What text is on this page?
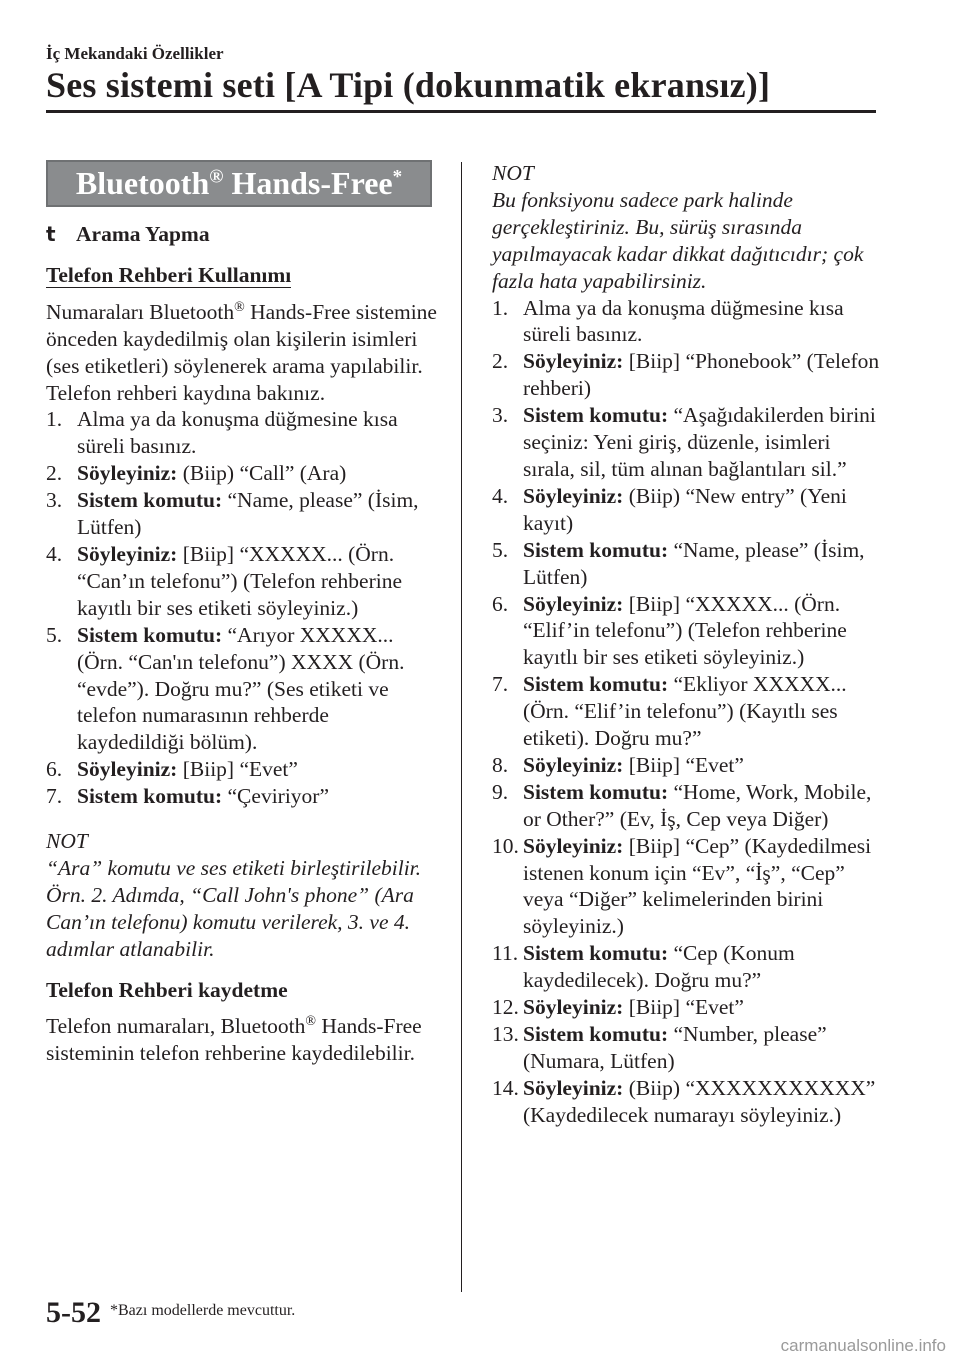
İç Mekandaki Özellikler
Ses sistemi seti [A Tipi (dokunmatik ekransız)]
Bluetooth® Hands-Free*
t Arama Yapma
Telefon Rehberi Kullanımı
Numaraları Bluetooth® Hands-Free sistemine önceden kaydedilmiş olan kişilerin isimleri (ses etiketleri) söylenerek arama yapılabilir. Telefon rehberi kaydına bakınız.
1. Alma ya da konuşma düğmesine kısa süreli basınız.
2. Söyleyiniz: (Biip) “Call” (Ara)
3. Sistem komutu: “Name, please” (İsim, Lütfen)
4. Söyleyiniz: [Biip] “XXXXX... (Örn. “Can’ın telefonu”) (Telefon rehberine kayıtlı bir ses etiketi söyleyiniz.)
5. Sistem komutu: “Arıyor XXXXX... (Örn. “Can'ın telefonu”) XXXX (Örn. “evde”). Doğru mu?” (Ses etiketi ve telefon numarasının rehberde kaydedildiği bölüm).
6. Söyleyiniz: [Biip] “Evet”
7. Sistem komutu: “Çeviriyor”
NOT
“Ara” komutu ve ses etiketi birleştirilebilir.
Örn. 2. Adımda, “Call John's phone” (Ara Can’ın telefonu) komutu verilerek, 3. ve 4. adımlar atlanabilir.
Telefon Rehberi kaydetme
Telefon numaraları, Bluetooth® Hands-Free sisteminin telefon rehberine kaydedilebilir.
NOT
Bu fonksiyonu sadece park halinde gerçekleştiriniz. Bu, sürüş sırasında yapılmayacak kadar dikkat dağıtıcıdır; çok fazla hata yapabilirsiniz.
1. Alma ya da konuşma düğmesine kısa süreli basınız.
2. Söyleyiniz: [Biip] “Phonebook” (Telefon rehberi)
3. Sistem komutu: “Aşağıdakilerden birini seçiniz: Yeni giriş, düzenle, isimleri sırala, sil, tüm alınan bağlantıları sil.”
4. Söyleyiniz: (Biip) “New entry” (Yeni kayıt)
5. Sistem komutu: “Name, please” (İsim, Lütfen)
6. Söyleyiniz: [Biip] “XXXXX... (Örn. “Elif’in telefonu”) (Telefon rehberine kayıtlı bir ses etiketi söyleyiniz.)
7. Sistem komutu: “Ekliyor XXXXX... (Örn. “Elif’in telefonu”) (Kayıtlı ses etiketi). Doğru mu?”
8. Söyleyiniz: [Biip] “Evet”
9. Sistem komutu: “Home, Work, Mobile, or Other?” (Ev, İş, Cep veya Diğer)
10. Söyleyiniz: [Biip] “Cep” (Kaydedilmesi istenen konum için “Ev”, “İş”, “Cep” veya “Diğer” kelimelerinden birini söyleyiniz.)
11. Sistem komutu: “Cep (Konum kaydedilecek). Doğru mu?”
12. Söyleyiniz: [Biip] “Evet”
13. Sistem komutu: “Number, please” (Numara, Lütfen)
14. Söyleyiniz: (Biip) “XXXXXXXXXXX” (Kaydedilecek numarayı söyleyiniz.)
5-52 *Bazı modellerde mevcuttur.
carmanualsonline.info
